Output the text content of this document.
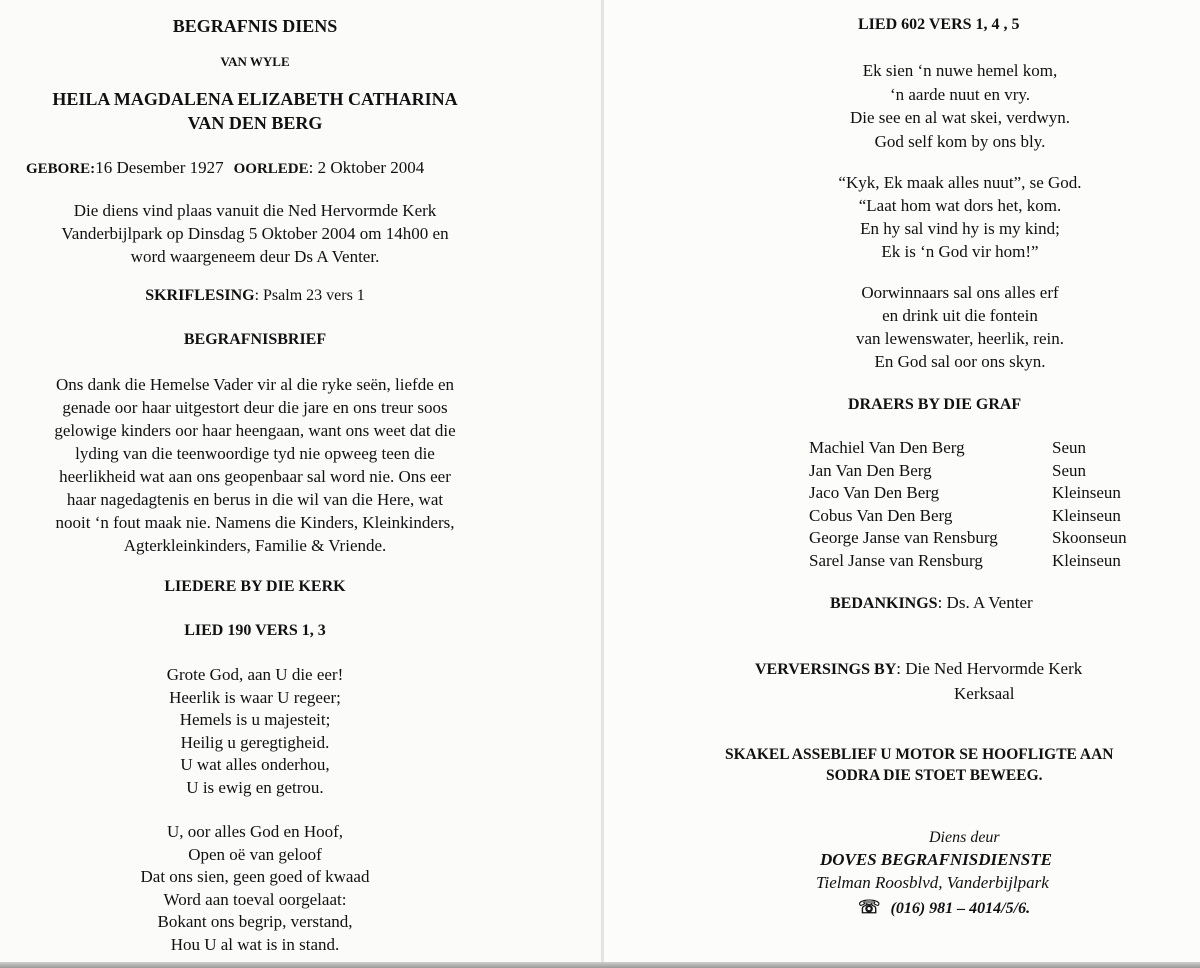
BEGRAFNIS DIENS
VAN WYLE
HEILA MAGDALENA ELIZABETH CATHARINA
VAN DEN BERG
GEBORE:16 Desember 1927 OORLEDE: 2 Oktober 2004
Die diens vind plaas vanuit die Ned Hervormde Kerk
Vanderbijlpark op Dinsdag 5 Oktober 2004 om 14h00 en
word waargeneem deur Ds A Venter.
SKRIFLESING: Psalm 23 vers 1
BEGRAFNISBRIEF
Ons dank die Hemelse Vader vir al die ryke seën, liefde en
genade oor haar uitgestort deur die jare en ons treur soos
gelowige kinders oor haar heengaan, want ons weet dat die
lyding van die teenwoordige tyd nie opweeg teen die
heerlikheid wat aan ons geopenbaar sal word nie. Ons eer
haar nagedagtenis en berus in die wil van die Here, wat
nooit ‘n fout maak nie. Namens die Kinders, Kleinkinders,
Agterkleinkinders, Familie & Vriende.
LIEDERE BY DIE KERK
LIED 190 VERS 1, 3
Grote God, aan U die eer!
Heerlik is waar U regeer;
Hemels is u majesteit;
Heilig u geregtigheid.
U wat alles onderhou,
U is ewig en getrou.
U, oor alles God en Hoof,
Open oë van geloof
Dat ons sien, geen goed of kwaad
Word aan toeval oorgelaat:
Bokant ons begrip, verstand,
Hou U al wat is in stand.
LIED 602 VERS 1, 4 , 5
Ek sien ‘n nuwe hemel kom,
‘n aarde nuut en vry.
Die see en al wat skei, verdwyn.
God self kom by ons bly.
“Kyk, Ek maak alles nuut”, se God.
“Laat hom wat dors het, kom.
En hy sal vind hy is my kind;
Ek is ‘n God vir hom!”
Oorwinnaars sal ons alles erf
en drink uit die fontein
van lewenswater, heerlik, rein.
En God sal oor ons skyn.
DRAERS BY DIE GRAF
Machiel Van Den Berg	Seun
Jan Van Den Berg	Seun
Jaco Van Den Berg	Kleinseun
Cobus Van Den Berg	Kleinseun
George Janse van Rensburg	Skoonseun
Sarel Janse van Rensburg	Kleinseun
BEDANKINGS: Ds. A Venter
VERVERSINGS BY: Die Ned Hervormde Kerk
Kerksaal
SKAKEL ASSEBLIEF U MOTOR SE HOOFLIGTE AAN
SODRA DIE STOET BEWEEG.
Diens deur
DOVES BEGRAFNISDIENSTE
Tielman Roosblvd, Vanderbijlpark
☏ (016) 981 – 4014/5/6.
